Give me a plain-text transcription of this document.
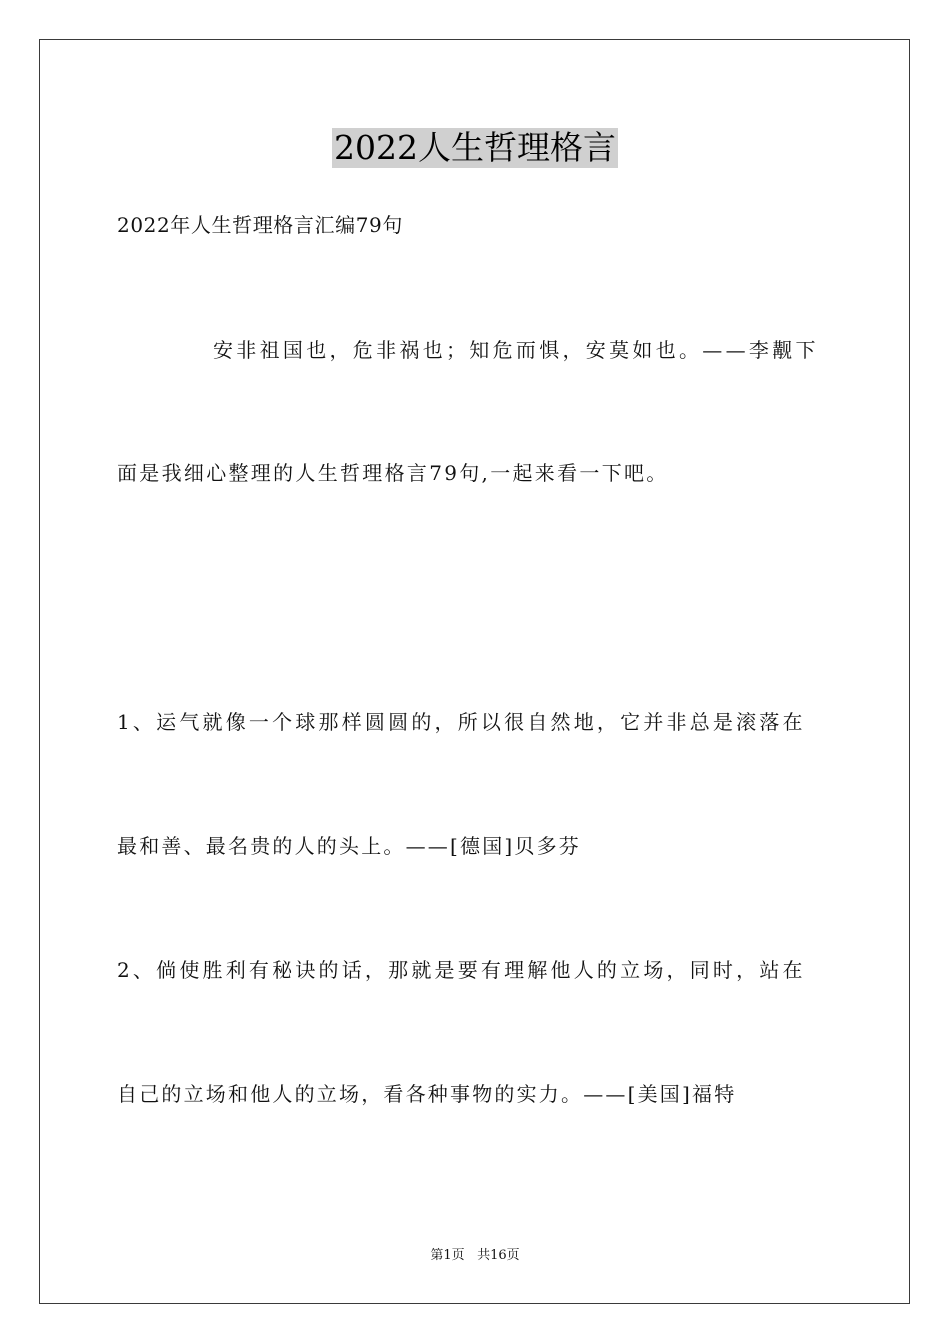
2022人生哲理格言
2022年人生哲理格言汇编79句
安非祖国也，危非祸也；知危而惧，安莫如也。——李觏下
面是我细心整理的人生哲理格言79句,一起来看一下吧。
1、运气就像一个球那样圆圆的，所以很自然地，它并非总是滚落在
最和善、最名贵的人的头上。——[德国]贝多芬
2、倘使胜利有秘诀的话，那就是要有理解他人的立场，同时，站在
自己的立场和他人的立场，看各种事物的实力。——[美国]福特
第1页 共16页
